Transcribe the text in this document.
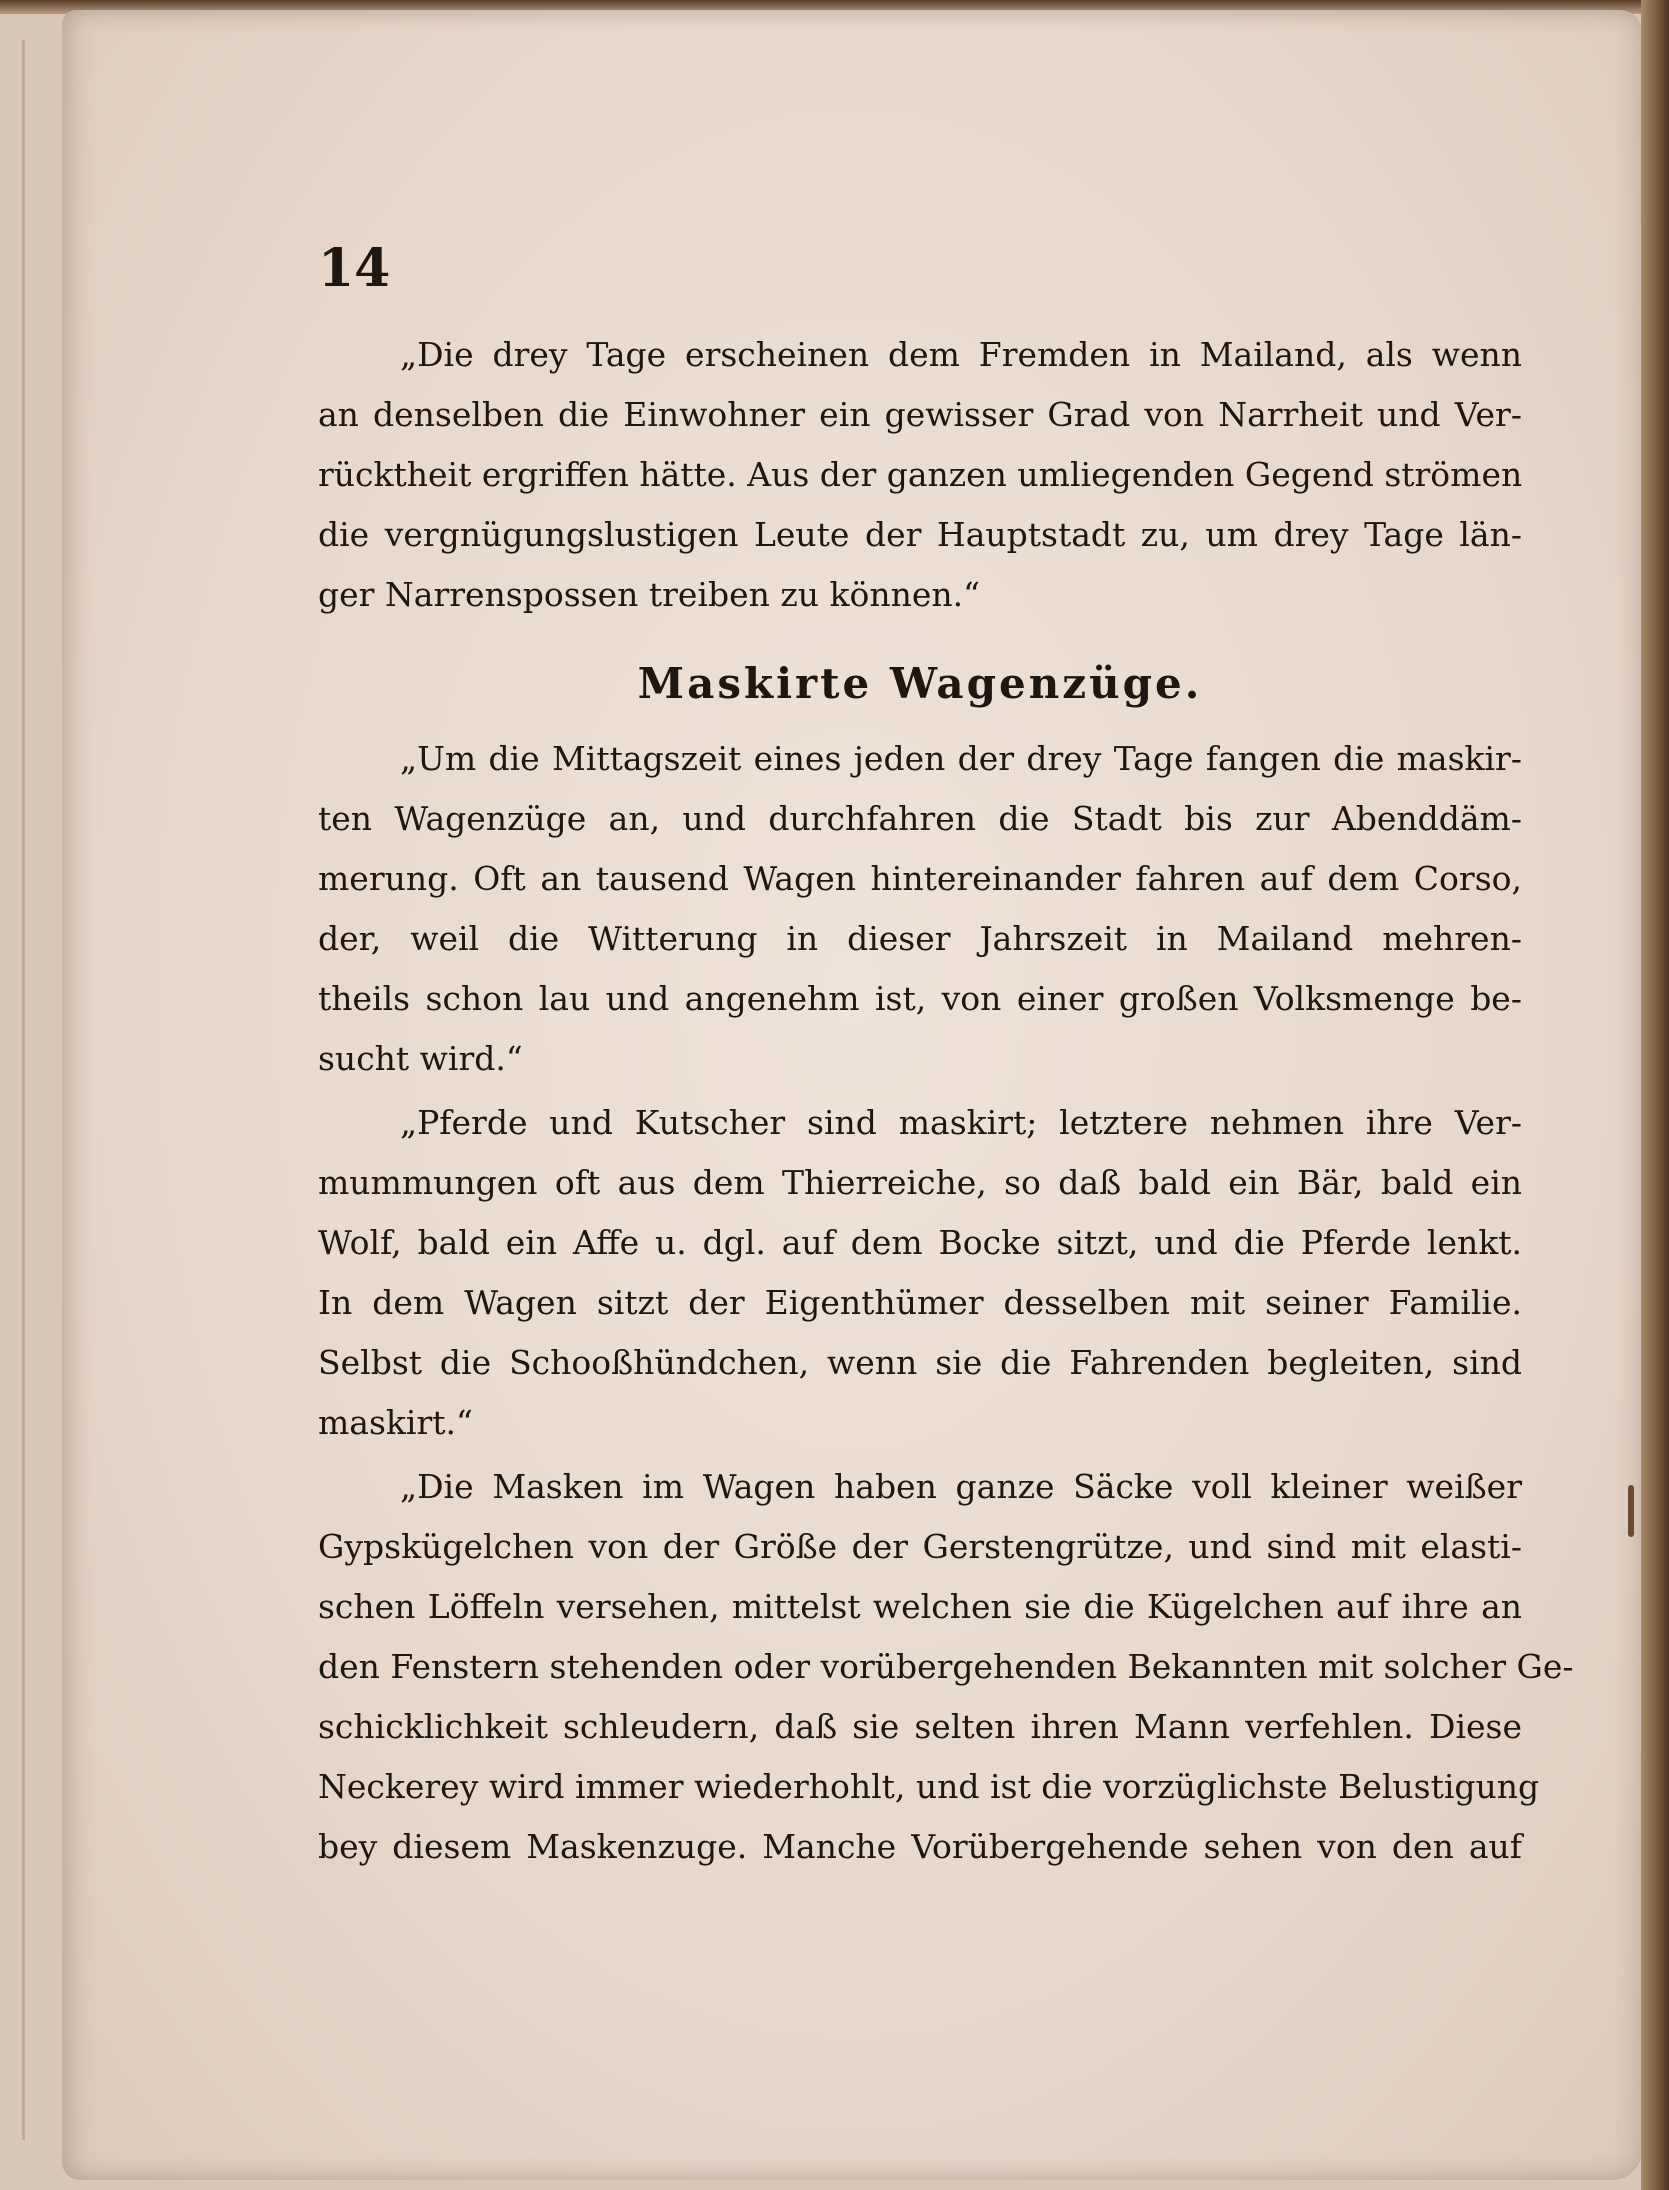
14
„Die drey Tage erscheinen dem Fremden in Mailand, als wenn
an denselben die Einwohner ein gewisser Grad von Narrheit und Ver-
rücktheit ergriffen hätte. Aus der ganzen umliegenden Gegend strömen
die vergnügungslustigen Leute der Hauptstadt zu, um drey Tage län-
ger Narrenspossen treiben zu können.“
Maskirte Wagenzüge.
„Um die Mittagszeit eines jeden der drey Tage fangen die maskir-
ten Wagenzüge an, und durchfahren die Stadt bis zur Abenddäm-
merung. Oft an tausend Wagen hintereinander fahren auf dem Corso,
der, weil die Witterung in dieser Jahrszeit in Mailand mehren-
theils schon lau und angenehm ist, von einer großen Volksmenge be-
sucht wird.“
„Pferde und Kutscher sind maskirt; letztere nehmen ihre Ver-
mummungen oft aus dem Thierreiche, so daß bald ein Bär, bald ein
Wolf, bald ein Affe u. dgl. auf dem Bocke sitzt, und die Pferde lenkt.
In dem Wagen sitzt der Eigenthümer desselben mit seiner Familie.
Selbst die Schooßhündchen, wenn sie die Fahrenden begleiten, sind
maskirt.“
„Die Masken im Wagen haben ganze Säcke voll kleiner weißer
Gypskügelchen von der Größe der Gerstengrütze, und sind mit elasti-
schen Löffeln versehen, mittelst welchen sie die Kügelchen auf ihre an
den Fenstern stehenden oder vorübergehenden Bekannten mit solcher Ge-
schicklichkeit schleudern, daß sie selten ihren Mann verfehlen. Diese
Neckerey wird immer wiederhohlt, und ist die vorzüglichste Belustigung
bey diesem Maskenzuge. Manche Vorübergehende sehen von den auf
